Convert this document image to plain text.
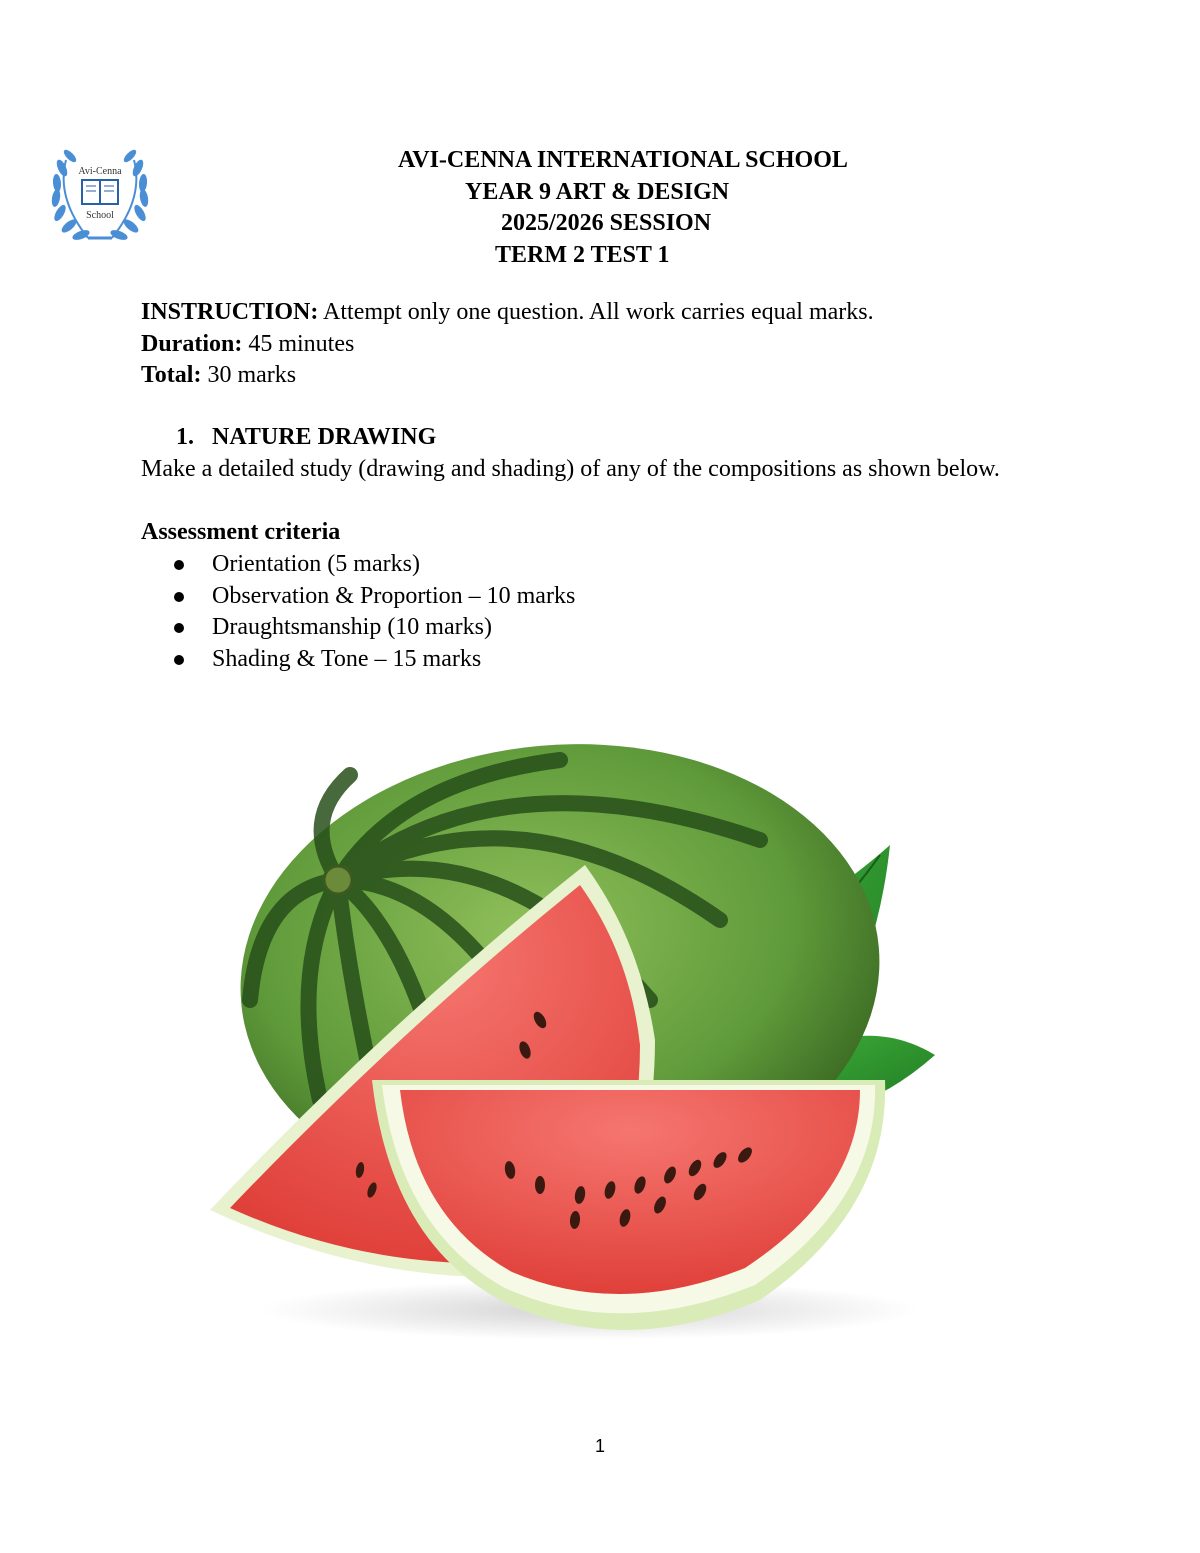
Avi-Cenna
School
AVI-CENNA INTERNATIONAL SCHOOL
YEAR 9 ART & DESIGN
2025/2026 SESSION
TERM 2 TEST 1
INSTRUCTION: Attempt only one question. All work carries equal marks.
Duration: 45 minutes
Total: 30 marks
1. NATURE DRAWING
Make a detailed study (drawing and shading) of any of the compositions as shown below.
Assessment criteria
Orientation (5 marks)
Observation & Proportion – 10 marks
Draughtsmanship (10 marks)
Shading & Tone – 15 marks
1
